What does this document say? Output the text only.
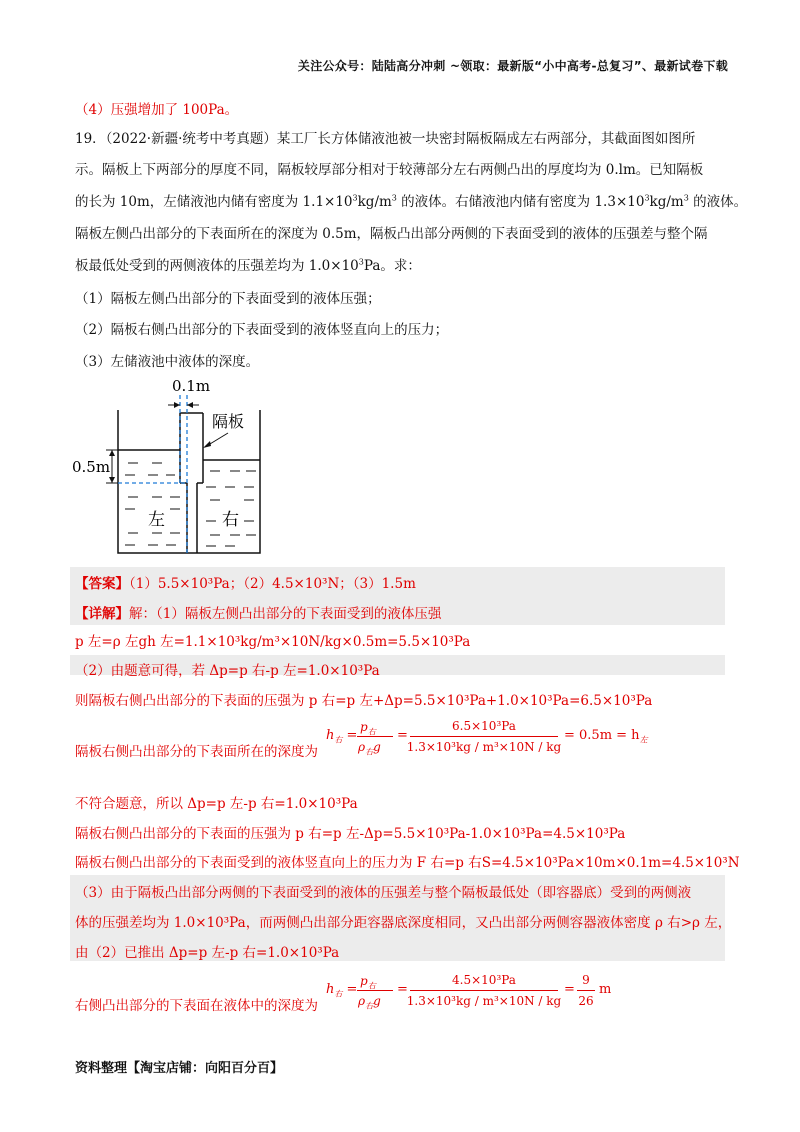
关注公众号：陆陆高分冲刺 ~领取：最新版“小中高考-总复习”、最新试卷下载
（4）压强增加了 100Pa。
19．（2022·新疆·统考中考真题）某工厂长方体储液池被一块密封隔板隔成左右两部分，其截面图如图所
示。隔板上下两部分的厚度不同，隔板较厚部分相对于较薄部分左右两侧凸出的厚度均为 0.lm。已知隔板
的长为 10m，左储液池内储有密度为 $1.1\times 10^3kg/m^3$ 的液体。右储液池内储有密度为 $1.3\times 10^3kg/m^3$ 的液体。
隔板左侧凸出部分的下表面所在的深度为 0.5m，隔板凸出部分两侧的下表面受到的液体的压强差与整个隔
板最低处受到的两侧液体的压强差均为 $1.0\times 10^3Pa$。求：
（1）隔板左侧凸出部分的下表面受到的液体压强；
（2）隔板右侧凸出部分的下表面受到的液体竖直向上的压力；
（3）左储液池中液体的深度。
0.1m
隔板
0.5m
左	右
【答案】（1）5.5×10³Pa；（2）4.5×10³N；（3）1.5m
【详解】解：（1）隔板左侧凸出部分的下表面受到的液体压强
p 左=ρ 左gh 左=1.1×10³kg/m³×10N/kg×0.5m=5.5×10³Pa
（2）由题意可得，若 Δp=p 右-p 左=1.0×10³Pa
则隔板右侧凸出部分的下表面的压强为 p 右=p 左+Δp=5.5×10³Pa+1.0×10³Pa=6.5×10³Pa
隔板右侧凸出部分的下表面所在的深度为
$h_右$ =
$p_右$
$\rho_右g$
=
6.5×10³Pa
1.3×10³kg / m³×10N / kg
= $0.5m = h_左$
不符合题意，所以 Δp=p 左-p 右=1.0×10³Pa
隔板右侧凸出部分的下表面的压强为 p 右=p 左-Δp=5.5×10³Pa-1.0×10³Pa=4.5×10³Pa
隔板右侧凸出部分的下表面受到的液体竖直向上的压力为 F 右=p 右S=4.5×10³Pa×10m×0.1m=4.5×10³N
（3）由于隔板凸出部分两侧的下表面受到的液体的压强差与整个隔板最低处（即容器底）受到的两侧液
体的压强差均为 1.0×10³Pa，而两侧凸出部分距容器底深度相同，又凸出部分两侧容器液体密度 ρ 右>ρ 左，
由（2）已推出 Δp=p 左-p 右=1.0×10³Pa
右侧凸出部分的下表面在液体中的深度为
$h_右$ =
$p_右$
$\rho_右g$
=
4.5×10³Pa
1.3×10³kg / m³×10N / kg
=
9
26
m
资料整理【淘宝店铺：向阳百分百】
